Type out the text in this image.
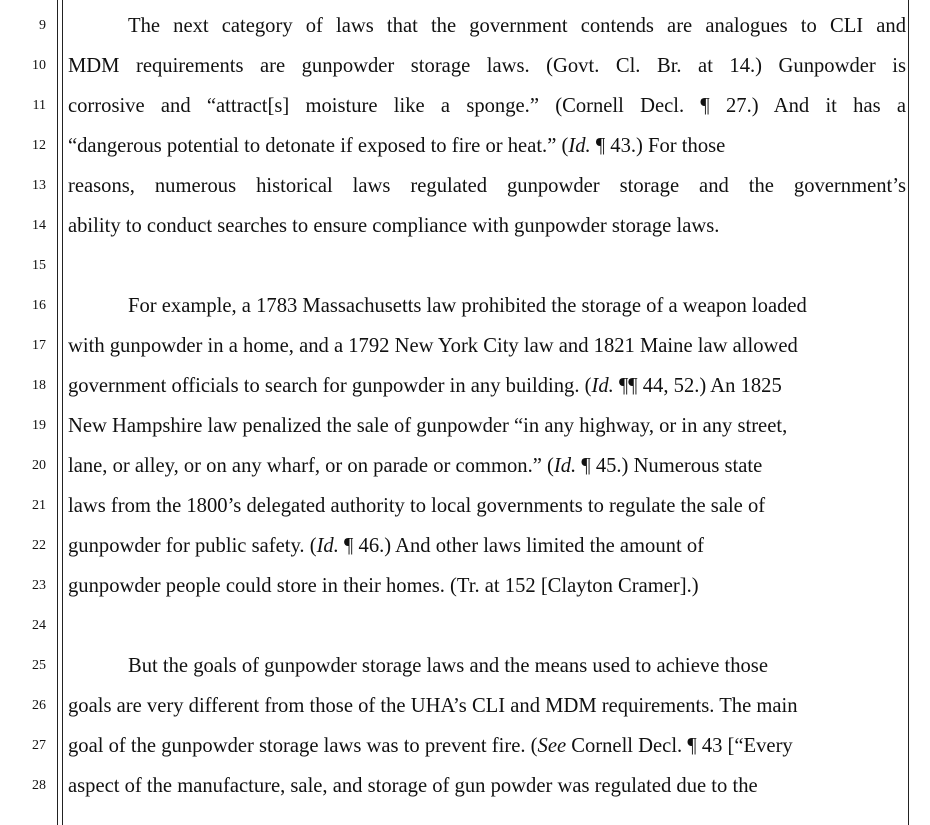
9
10
11
12
13
14
15
16
17
18
19
20
21
22
23
24
25
26
27
28
The next category of laws that the government contends are analogues to CLI and
MDM requirements are gunpowder storage laws. (Govt. Cl. Br. at 14.) Gunpowder is
corrosive and “attract[s] moisture like a sponge.” (Cornell Decl. ¶ 27.) And it has a
“dangerous potential to detonate if exposed to fire or heat.” (Id. ¶ 43.) For those
reasons, numerous historical laws regulated gunpowder storage and the government’s
ability to conduct searches to ensure compliance with gunpowder storage laws.
For example, a 1783 Massachusetts law prohibited the storage of a weapon loaded
with gunpowder in a home, and a 1792 New York City law and 1821 Maine law allowed
government officials to search for gunpowder in any building. (Id. ¶¶ 44, 52.) An 1825
New Hampshire law penalized the sale of gunpowder “in any highway, or in any street,
lane, or alley, or on any wharf, or on parade or common.” (Id. ¶ 45.) Numerous state
laws from the 1800’s delegated authority to local governments to regulate the sale of
gunpowder for public safety. (Id. ¶ 46.) And other laws limited the amount of
gunpowder people could store in their homes. (Tr. at 152 [Clayton Cramer].)
But the goals of gunpowder storage laws and the means used to achieve those
goals are very different from those of the UHA’s CLI and MDM requirements. The main
goal of the gunpowder storage laws was to prevent fire. (See Cornell Decl. ¶ 43 [“Every
aspect of the manufacture, sale, and storage of gun powder was regulated due to the
